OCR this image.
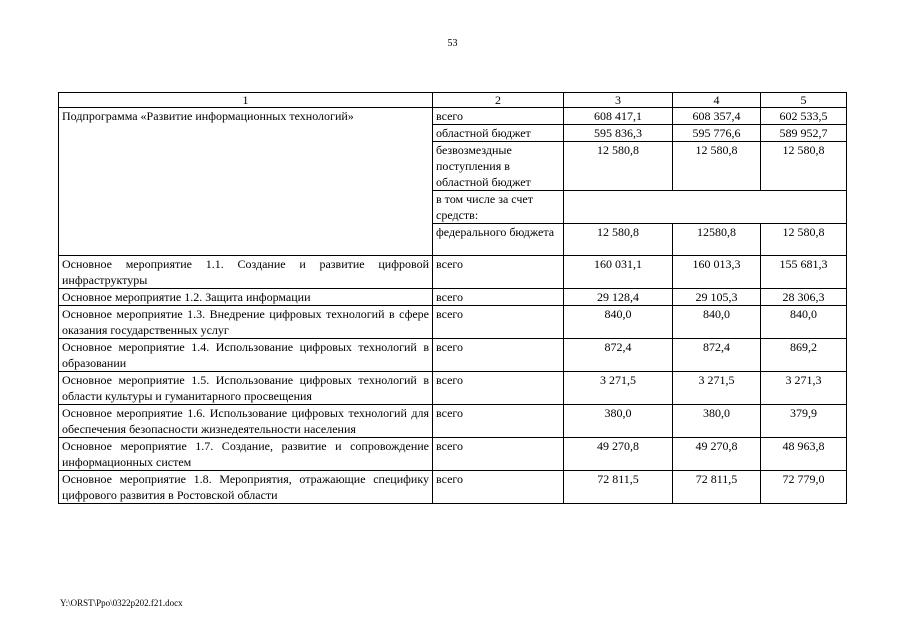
53
1	2	3	4	5
Подпрограмма «Развитие информационных технологий»	всего	608 417,1	608 357,4	602 533,5
	областной бюджет	595 836,3	595 776,6	589 952,7
	безвозмездные поступления в областной бюджет	12 580,8	12 580,8	12 580,8
	в том числе за счет средств:			
	федерального бюджета	12 580,8	12580,8	12 580,8
Основное мероприятие 1.1. Создание и развитие цифровой инфраструктуры	всего	160 031,1	160 013,3	155 681,3
Основное мероприятие 1.2. Защита информации	всего	29 128,4	29 105,3	28 306,3
Основное мероприятие 1.3. Внедрение цифровых технологий в сфере оказания государственных услуг	всего	840,0	840,0	840,0
Основное мероприятие 1.4. Использование цифровых технологий в образовании	всего	872,4	872,4	869,2
Основное мероприятие 1.5. Использование цифровых технологий в области культуры и гуманитарного просвещения	всего	3 271,5	3 271,5	3 271,3
Основное мероприятие 1.6. Использование цифровых технологий для обеспечения безопасности жизнедеятельности населения	всего	380,0	380,0	379,9
Основное мероприятие 1.7. Создание, развитие и сопровождение информационных систем	всего	49 270,8	49 270,8	48 963,8
Основное мероприятие 1.8. Мероприятия, отражающие специфику цифрового развития в Ростовской области	всего	72 811,5	72 811,5	72 779,0
Y:\ORST\Ppo\0322p202.f21.docx
